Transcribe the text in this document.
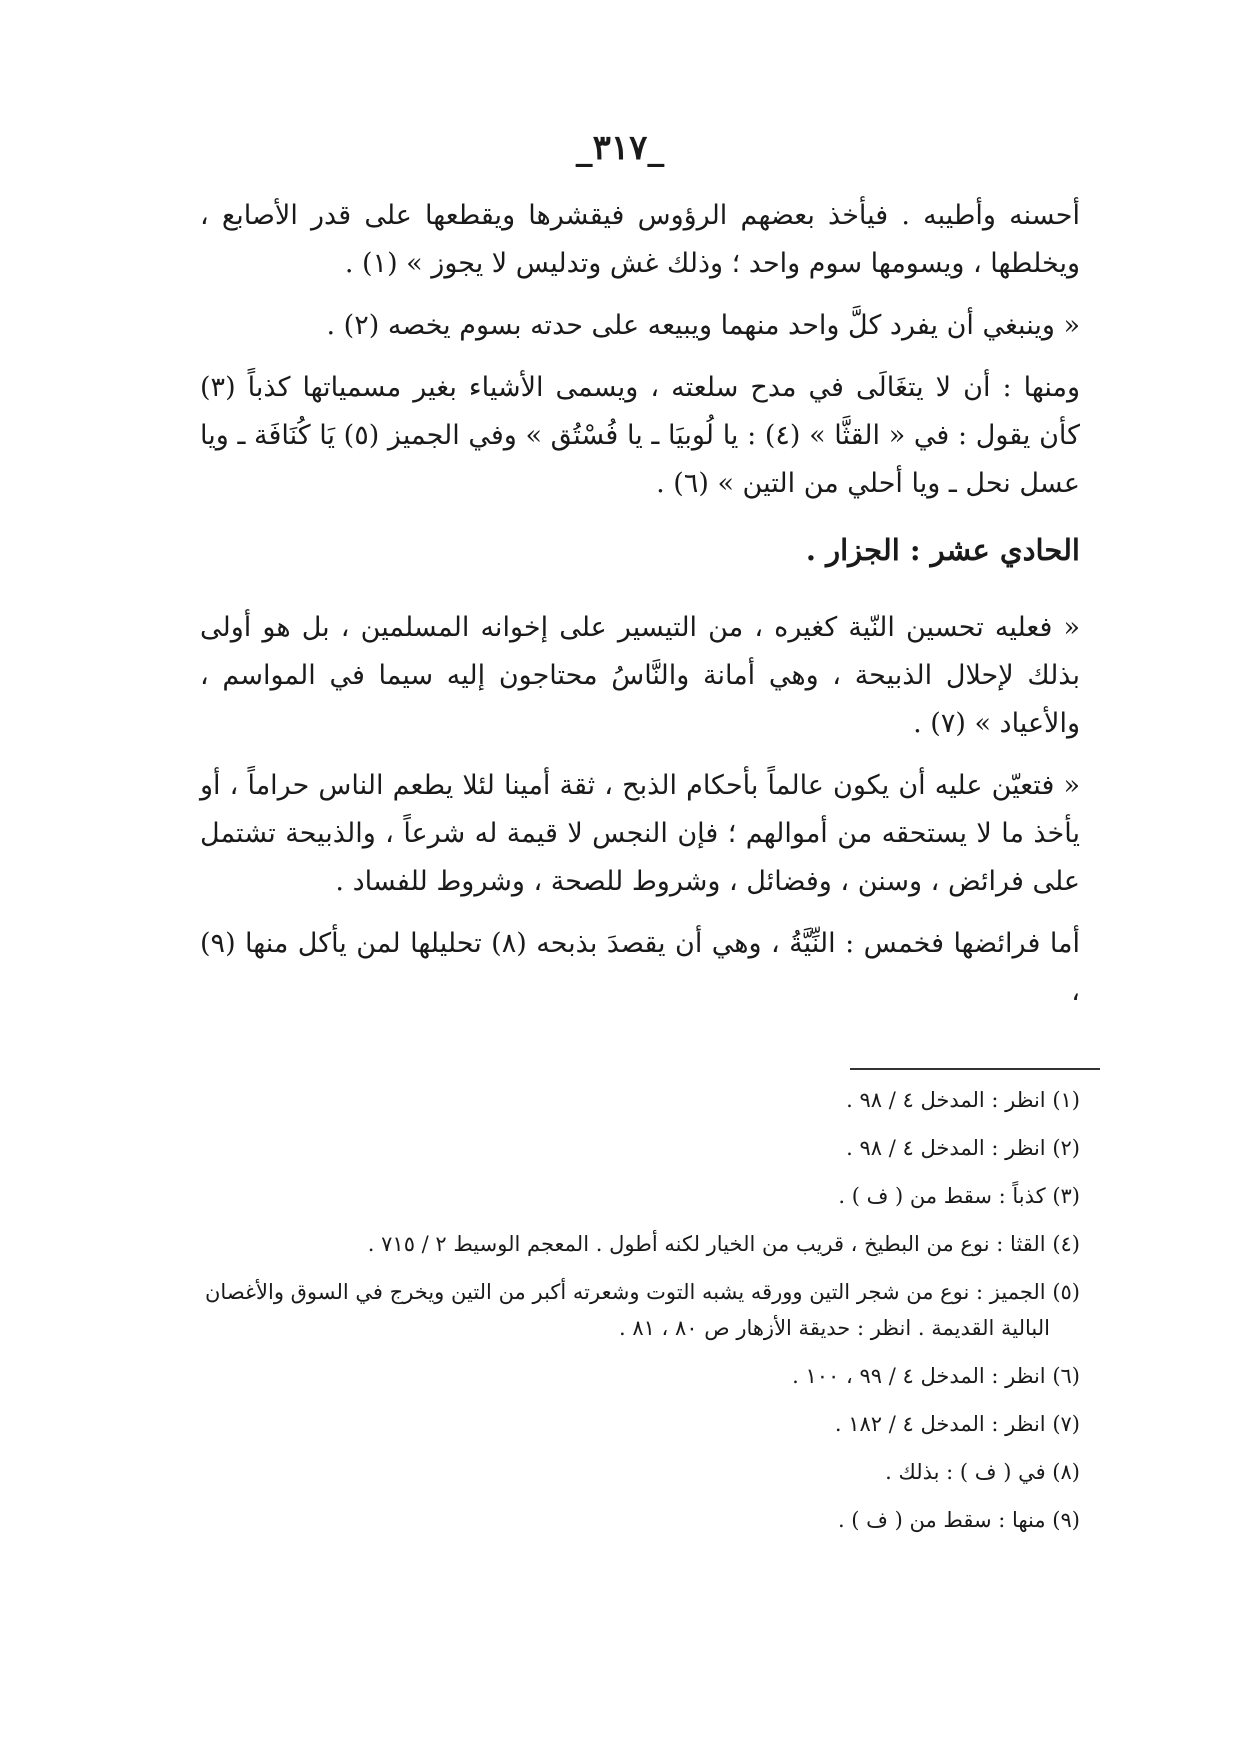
_٣١٧_

أحسنه وأطيبه . فيأخذ بعضهم الرؤوس فيقشرها ويقطعها على قدر الأصابع ، ويخلطها ، ويسومها سوم واحد ؛ وذلك غش وتدليس لا يجوز » (١) .

« وينبغي أن يفرد كلَّ واحد منهما ويبيعه على حدته بسوم يخصه (٢) .

ومنها : أن لا يتغَالَى في مدح سلعته ، ويسمى الأشياء بغير مسمياتها كذباً (٣) كأن يقول : في « القثَّا » (٤) : يا لُوبيَا ـ يا فُسْتُق » وفي الجميز (٥) يَا كُنَافَة ـ ويا عسل نحل ـ ويا أحلي من التين » (٦) .

الحادي عشر : الجزار .

« فعليه تحسين النّية كغيره ، من التيسير على إخوانه المسلمين ، بل هو أولى بذلك لإحلال الذبيحة ، وهي أمانة والنَّاسُ محتاجون إليه سيما في المواسم ، والأعياد » (٧) .

« فتعيّن عليه أن يكون عالماً بأحكام الذبح ، ثقة أمينا لئلا يطعم الناس حراماً ، أو يأخذ ما لا يستحقه من أموالهم ؛ فإن النجس لا قيمة له شرعاً ، والذبيحة تشتمل على فرائض ، وسنن ، وفضائل ، وشروط للصحة ، وشروط للفساد .

أما فرائضها فخمس : النِّيَّةُ ، وهي أن يقصدَ بذبحه (٨) تحليلها لمن يأكل منها (٩) ،

(١) انظر : المدخل ٤ / ٩٨ .

(٢) انظر : المدخل ٤ / ٩٨ .

(٣) كذباً : سقط من ( ف ) .

(٤) القثا : نوع من البطيخ ، قريب من الخيار لكنه أطول . المعجم الوسيط ٢ / ٧١٥ .

(٥) الجميز : نوع من شجر التين وورقه يشبه التوت وشعرته أكبر من التين ويخرج في السوق والأغصان
البالية القديمة . انظر : حديقة الأزهار ص ٨٠ ، ٨١ .

(٦) انظر : المدخل ٤ / ٩٩ ، ١٠٠ .

(٧) انظر : المدخل ٤ / ١٨٢ .

(٨) في ( ف ) : بذلك .

(٩) منها : سقط من ( ف ) .
